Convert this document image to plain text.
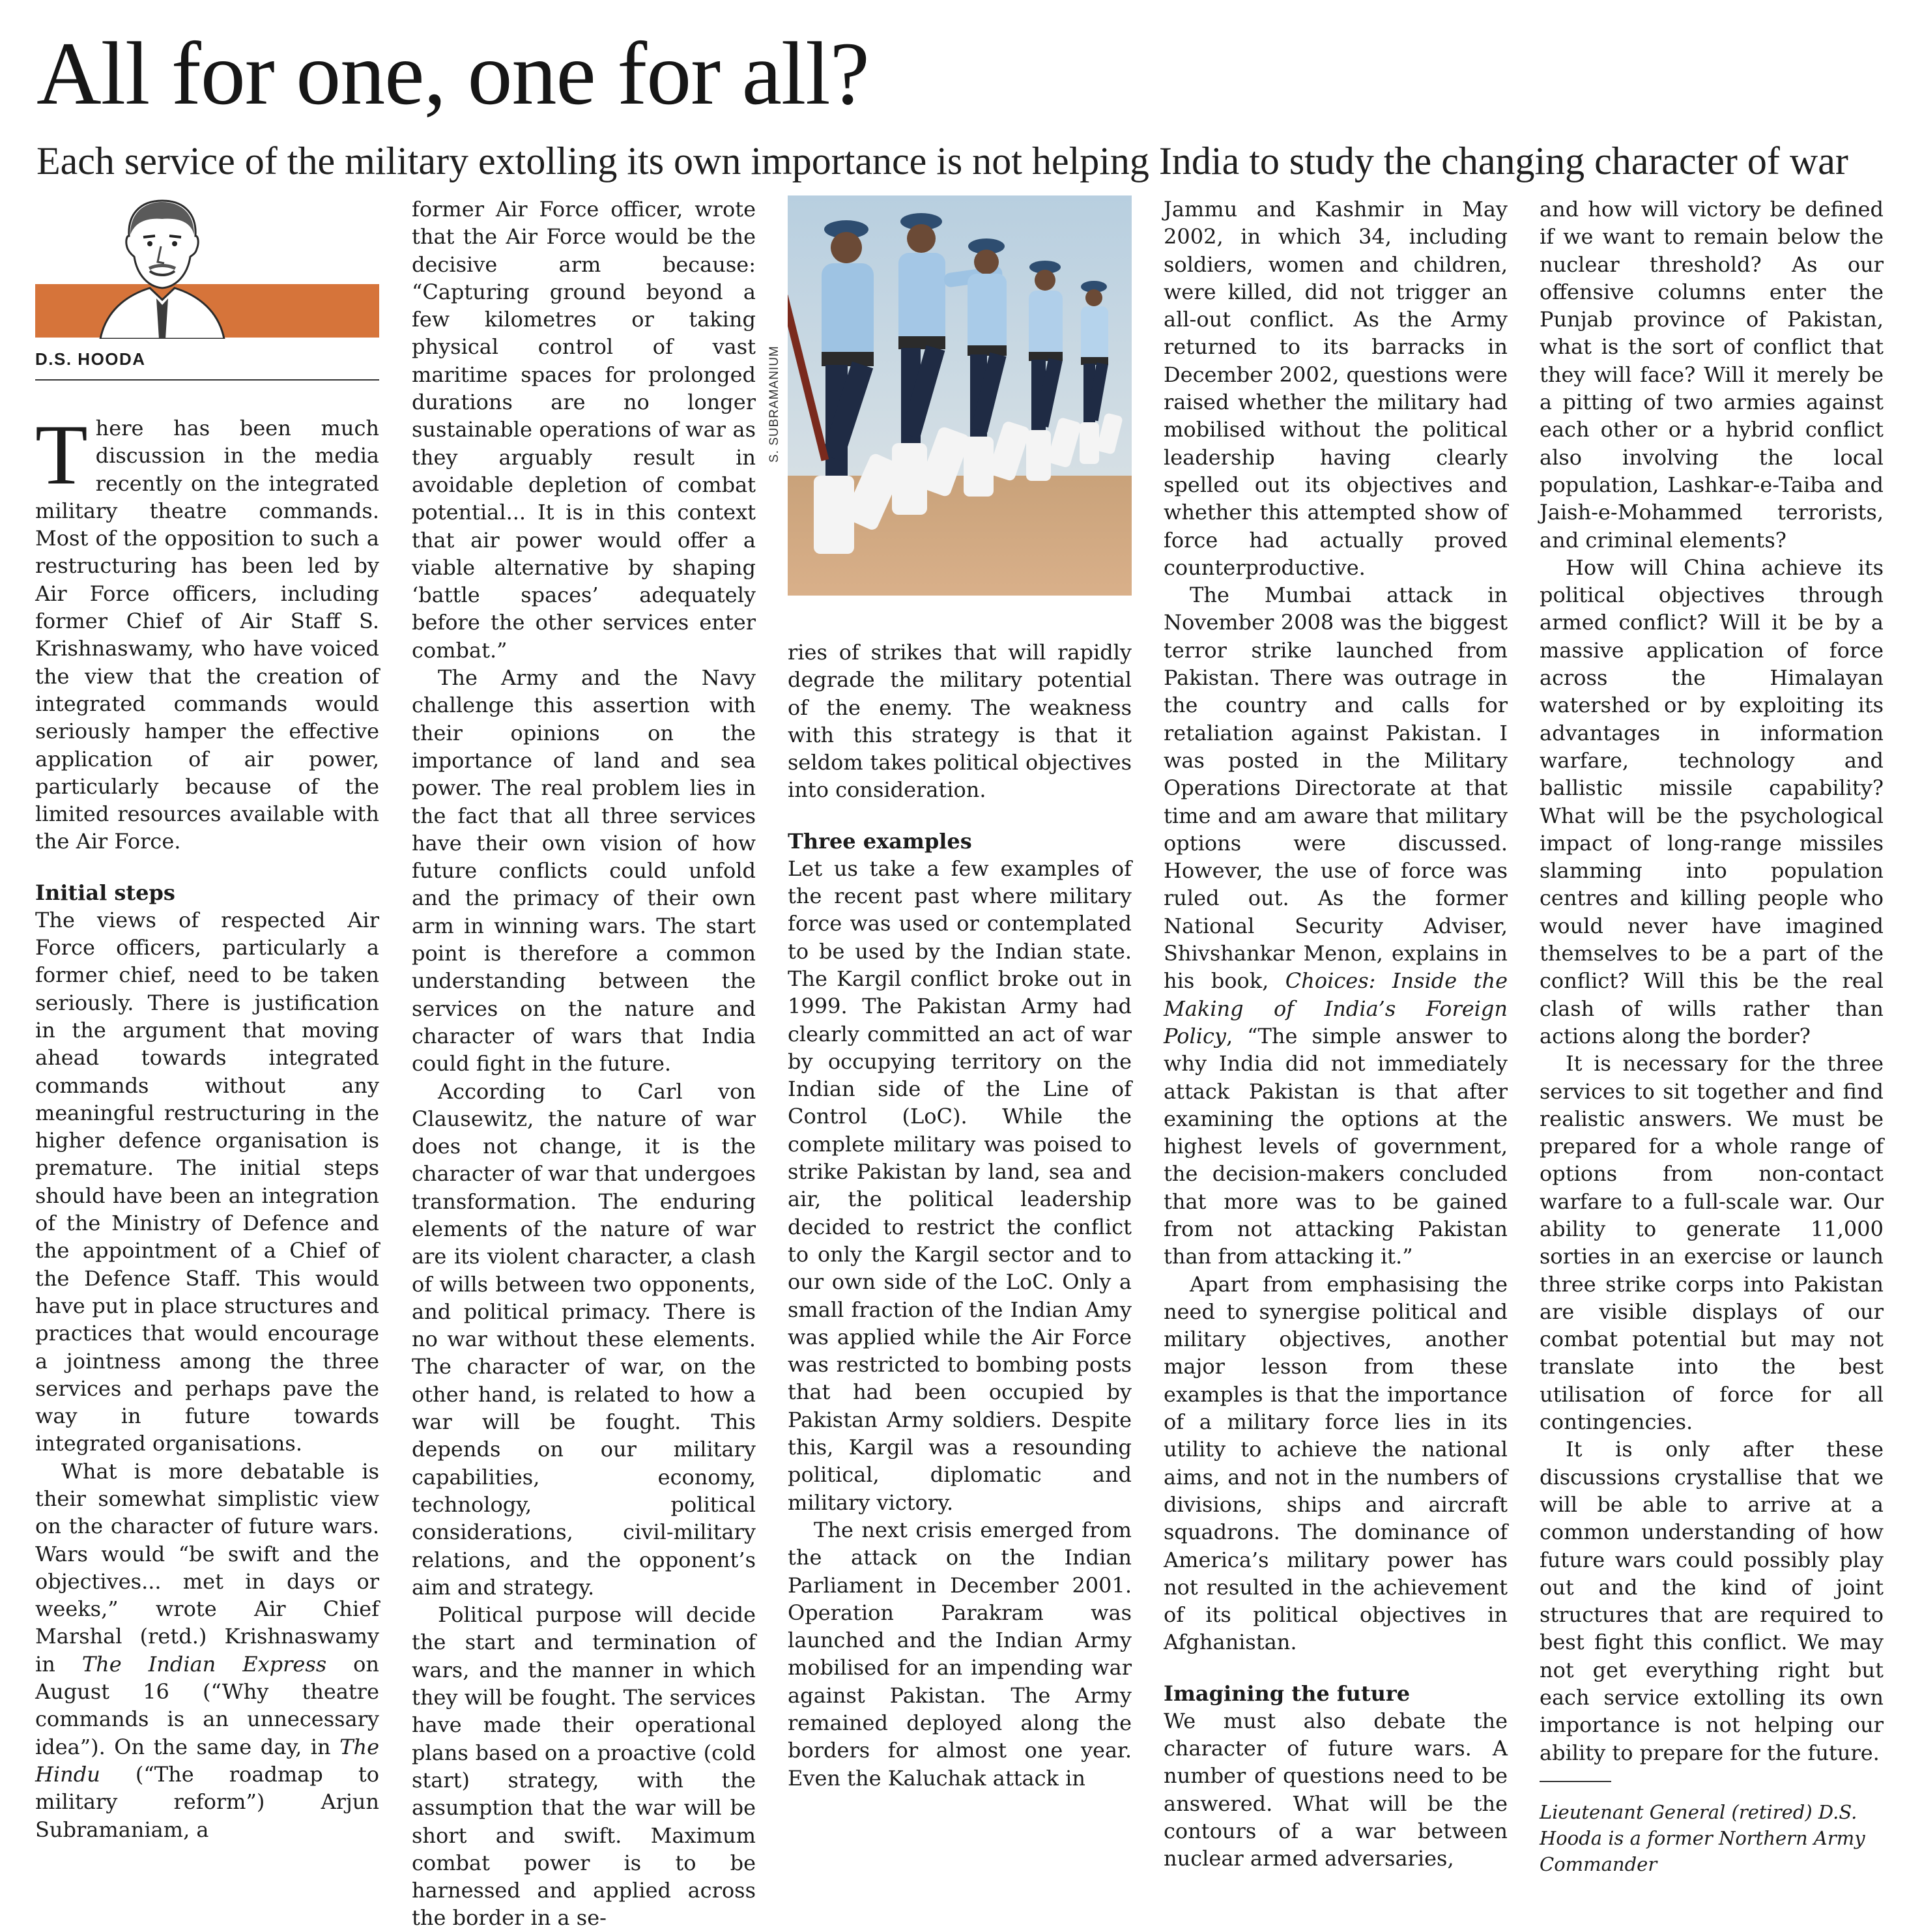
All for one, one for all?

Each service of the military extolling its own importance is not helping India to study the changing character of war

D.S. HOODA

There has been much discussion in the media recently on the integrated military theatre commands. Most of the opposition to such a restructuring has been led by Air Force officers, including former Chief of Air Staff S. Krishnaswamy, who have voiced the view that the creation of integrated commands would seriously hamper the effective application of air power, particularly because of the limited resources available with the Air Force.

Initial steps

The views of respected Air Force officers, particularly a former chief, need to be taken seriously. There is justification in the argument that moving ahead towards integrated commands without any meaningful restructuring in the higher defence organisation is premature. The initial steps should have been an integration of the Ministry of Defence and the appointment of a Chief of the Defence Staff. This would have put in place structures and practices that would encourage a jointness among the three services and perhaps pave the way in future towards integrated organisations.

What is more debatable is their somewhat simplistic view on the character of future wars. Wars would “be swift and the objectives... met in days or weeks,” wrote Air Chief Marshal (retd.) Krishnaswamy in The Indian Express on August 16 (“Why theatre commands is an unnecessary idea”). On the same day, in The Hindu (“The roadmap to military reform”) Arjun Subramaniam, a

former Air Force officer, wrote that the Air Force would be the decisive arm because: “Capturing ground beyond a few kilometres or taking physical control of vast maritime spaces for prolonged durations are no longer sustainable operations of war as they arguably result in avoidable depletion of combat potential... It is in this context that air power would offer a viable alternative by shaping ‘battle spaces’ adequately before the other services enter combat.”

The Army and the Navy challenge this assertion with their opinions on the importance of land and sea power. The real problem lies in the fact that all three services have their own vision of how future conflicts could unfold and the primacy of their own arm in winning wars. The start point is therefore a common understanding between the services on the nature and character of wars that India could fight in the future.

According to Carl von Clausewitz, the nature of war does not change, it is the character of war that undergoes transformation. The enduring elements of the nature of war are its violent character, a clash of wills between two opponents, and political primacy. There is no war without these elements. The character of war, on the other hand, is related to how a war will be fought. This depends on our military capabilities, economy, technology, political considerations, civil-military relations, and the opponent’s aim and strategy.

Political purpose will decide the start and termination of wars, and the manner in which they will be fought. The services have made their operational plans based on a proactive (cold start) strategy, with the assumption that the war will be short and swift. Maximum combat power is to be harnessed and applied across the border in a se-

S. SUBRAMANIUM

ries of strikes that will rapidly degrade the military potential of the enemy. The weakness with this strategy is that it seldom takes political objectives into consideration.

Three examples

Let us take a few examples of the recent past where military force was used or contemplated to be used by the Indian state. The Kargil conflict broke out in 1999. The Pakistan Army had clearly committed an act of war by occupying territory on the Indian side of the Line of Control (LoC). While the complete military was poised to strike Pakistan by land, sea and air, the political leadership decided to restrict the conflict to only the Kargil sector and to our own side of the LoC. Only a small fraction of the Indian Amy was applied while the Air Force was restricted to bombing posts that had been occupied by Pakistan Army soldiers. Despite this, Kargil was a resounding political, diplomatic and military victory.

The next crisis emerged from the attack on the Indian Parliament in December 2001. Operation Parakram was launched and the Indian Army mobilised for an impending war against Pakistan. The Army remained deployed along the borders for almost one year. Even the Kaluchak attack in

Jammu and Kashmir in May 2002, in which 34, including soldiers, women and children, were killed, did not trigger an all-out conflict. As the Army returned to its barracks in December 2002, questions were raised whether the military had mobilised without the political leadership having clearly spelled out its objectives and whether this attempted show of force had actually proved counterproductive.

The Mumbai attack in November 2008 was the biggest terror strike launched from Pakistan. There was outrage in the country and calls for retaliation against Pakistan. I was posted in the Military Operations Directorate at that time and am aware that military options were discussed. However, the use of force was ruled out. As the former National Security Adviser, Shivshankar Menon, explains in his book, Choices: Inside the Making of India’s Foreign Policy, “The simple answer to why India did not immediately attack Pakistan is that after examining the options at the highest levels of government, the decision-makers concluded that more was to be gained from not attacking Pakistan than from attacking it.”

Apart from emphasising the need to synergise political and military objectives, another major lesson from these examples is that the importance of a military force lies in its utility to achieve the national aims, and not in the numbers of divisions, ships and aircraft squadrons. The dominance of America’s military power has not resulted in the achievement of its political objectives in Afghanistan.

Imagining the future

We must also debate the character of future wars. A number of questions need to be answered. What will be the contours of a war between nuclear armed adversaries,

and how will victory be defined if we want to remain below the nuclear threshold? As our offensive columns enter the Punjab province of Pakistan, what is the sort of conflict that they will face? Will it merely be a pitting of two armies against each other or a hybrid conflict also involving the local population, Lashkar-e-Taiba and Jaish-e-Mohammed terrorists, and criminal elements?

How will China achieve its political objectives through armed conflict? Will it be by a massive application of force across the Himalayan watershed or by exploiting its advantages in information warfare, technology and ballistic missile capability? What will be the psychological impact of long-range missiles slamming into population centres and killing people who would never have imagined themselves to be a part of the conflict? Will this be the real clash of wills rather than actions along the border?

It is necessary for the three services to sit together and find realistic answers. We must be prepared for a whole range of options from non-contact warfare to a full-scale war. Our ability to generate 11,000 sorties in an exercise or launch three strike corps into Pakistan are visible displays of our combat potential but may not translate into the best utilisation of force for all contingencies.

It is only after these discussions crystallise that we will be able to arrive at a common understanding of how future wars could possibly play out and the kind of joint structures that are required to best fight this conflict. We may not get everything right but each service extolling its own importance is not helping our ability to prepare for the future.

Lieutenant General (retired) D.S. Hooda is a former Northern Army Commander
